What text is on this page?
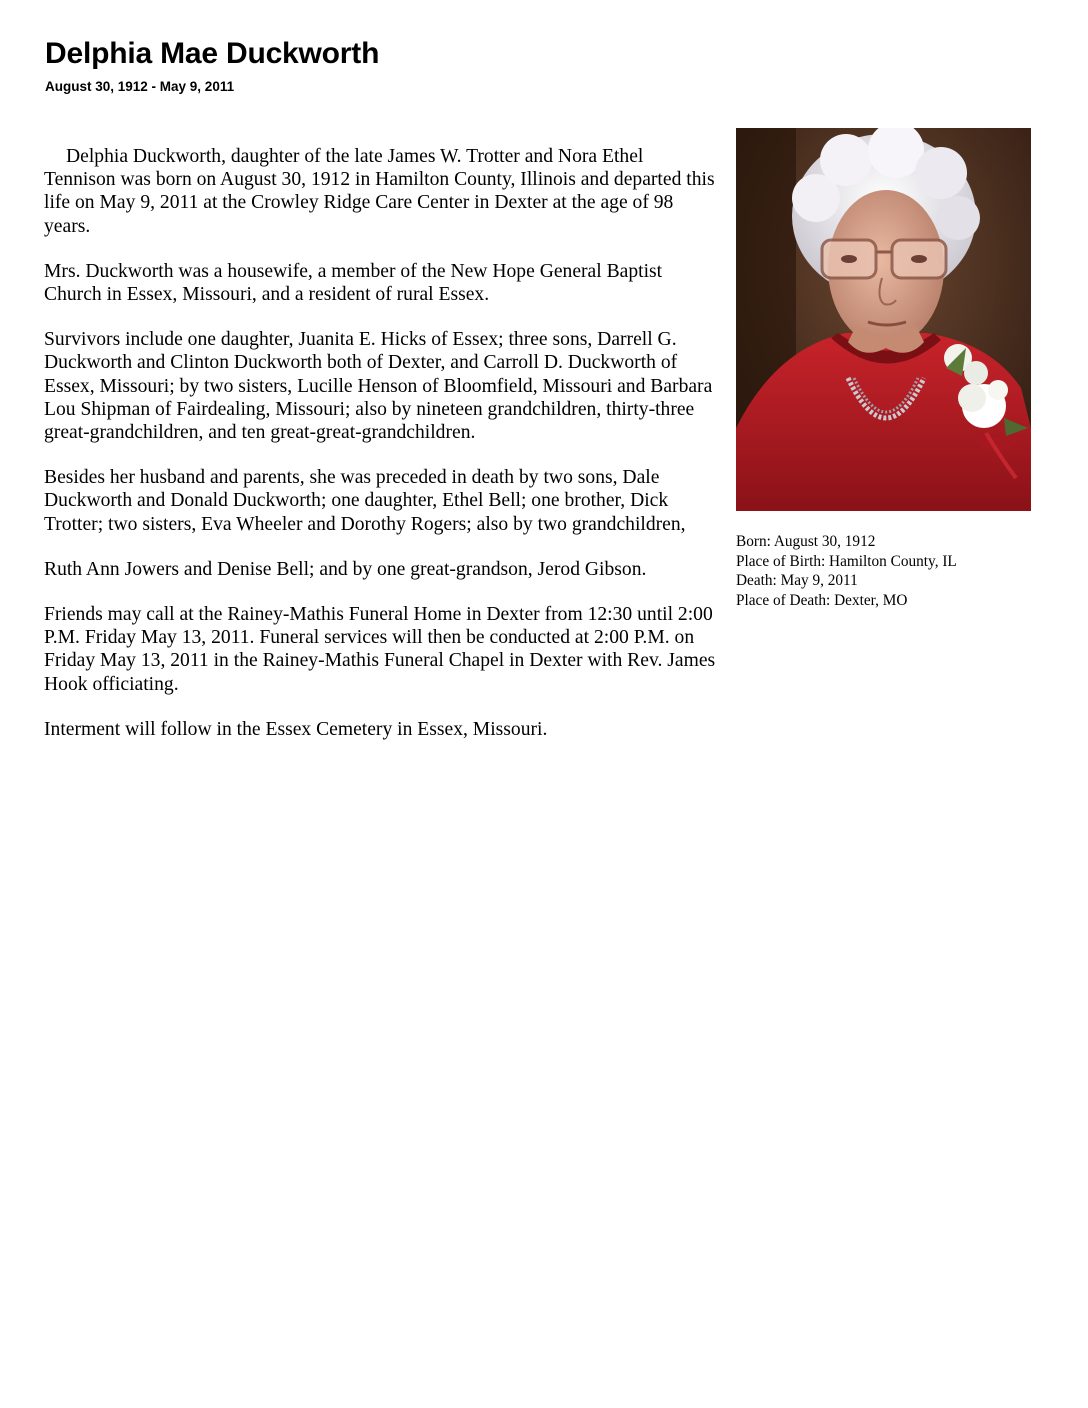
Delphia Mae Duckworth
August 30, 1912 - May 9, 2011

Delphia Duckworth, daughter of the late James W. Trotter and Nora Ethel Tennison was born on August 30, 1912 in Hamilton County, Illinois and departed this life on May 9, 2011 at the Crowley Ridge Care Center in Dexter at the age of 98 years.

Mrs. Duckworth was a housewife, a member of the New Hope General Baptist Church in Essex, Missouri, and a resident of rural Essex.

Survivors include one daughter, Juanita E. Hicks of Essex; three sons, Darrell G. Duckworth and Clinton Duckworth both of Dexter, and Carroll D. Duckworth of Essex, Missouri; by two sisters, Lucille Henson of Bloomfield, Missouri and Barbara Lou Shipman of Fairdealing, Missouri; also by nineteen grandchildren, thirty-three great-grandchildren, and ten great-great-grandchildren.

Besides her husband and parents, she was preceded in death by two sons, Dale Duckworth and Donald Duckworth; one daughter, Ethel Bell; one brother, Dick Trotter; two sisters, Eva Wheeler and Dorothy Rogers; also by two grandchildren,

Ruth Ann Jowers and Denise Bell; and by one great-grandson, Jerod Gibson.

Friends may call at the Rainey-Mathis Funeral Home in Dexter from 12:30 until 2:00 P.M. Friday May 13, 2011. Funeral services will then be conducted at 2:00 P.M. on Friday May 13, 2011 in the Rainey-Mathis Funeral Chapel in Dexter with Rev. James Hook officiating.

Interment will follow in the Essex Cemetery in Essex, Missouri.

Born: August 30, 1912
Place of Birth: Hamilton County, IL
Death: May 9, 2011
Place of Death: Dexter, MO
